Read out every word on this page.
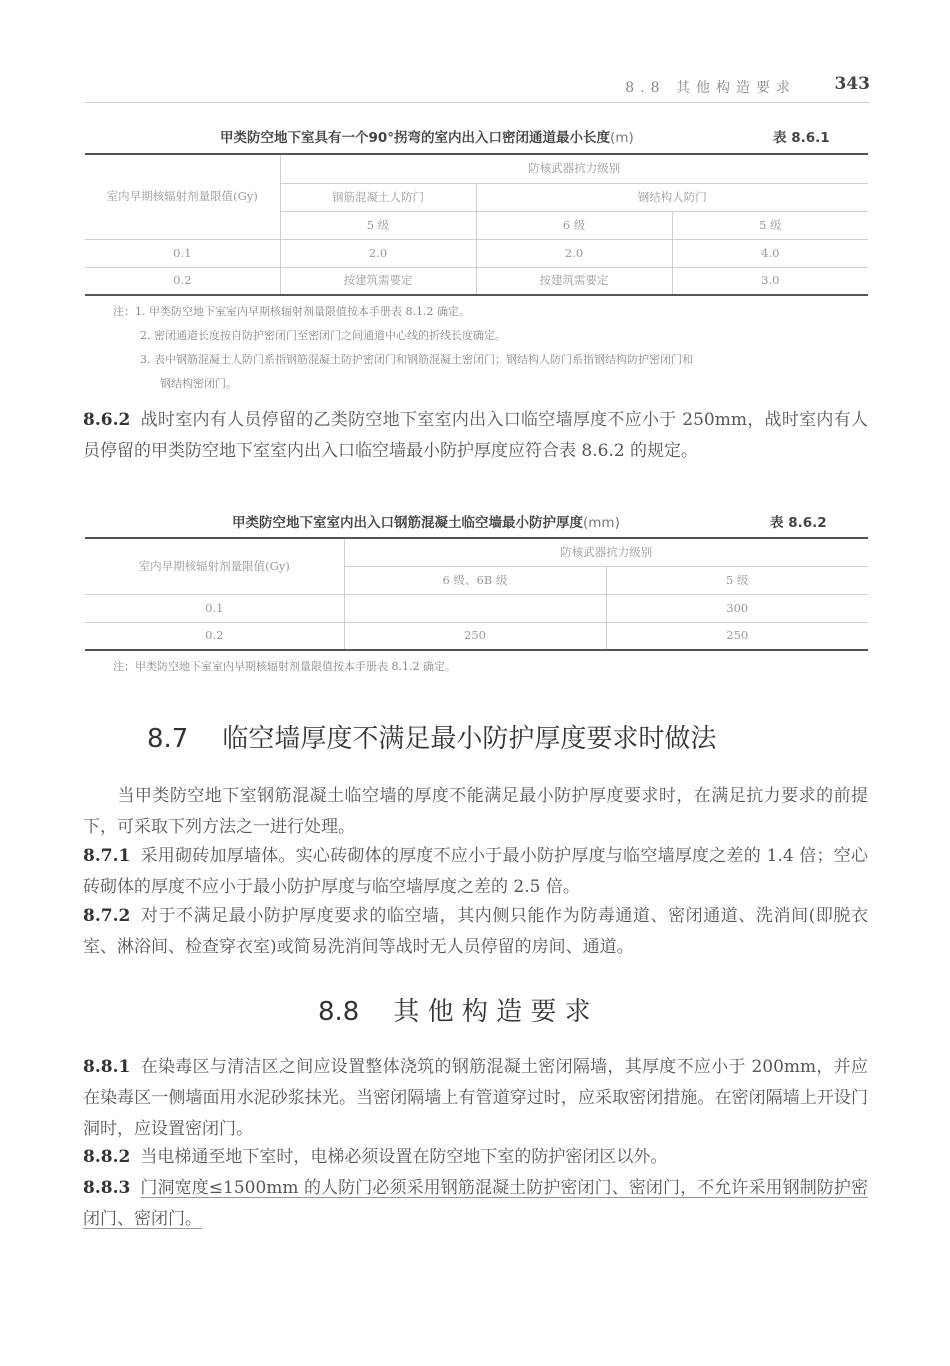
8.8 其他构造要求 343
甲类防空地下室具有一个90°拐弯的室内出入口密闭通道最小长度(m)	表 8.6.1
室内早期核辐射剂量限值(Gy)	防核武器抗力级别		
	钢筋混凝土人防门	钢结构人防门	
	5 级	6 级	5 级
0.1	2.0	2.0	4.0
0.2	按建筑需要定	按建筑需要定	3.0
注：1. 甲类防空地下室室内早期核辐射剂量限值按本手册表 8.1.2 确定。
2. 密闭通道长度按自防护密闭门至密闭门之间通道中心线的折线长度确定。
3. 表中钢筋混凝土人防门系指钢筋混凝土防护密闭门和钢筋混凝土密闭门；钢结构人防门系指钢结构防护密闭门和
钢结构密闭门。

8.6.2 战时室内有人员停留的乙类防空地下室室内出入口临空墙厚度不应小于 250mm，战时室内有人员停留的甲类防空地下室室内出入口临空墙最小防护厚度应符合表 8.6.2 的规定。

甲类防空地下室室内出入口钢筋混凝土临空墙最小防护厚度(mm)	表 8.6.2
室内早期核辐射剂量限值(Gy)	防核武器抗力级别	
	6 级、6B 级	5 级
0.1		300
0.2	250	250
注：甲类防空地下室室内早期核辐射剂量限值按本手册表 8.1.2 确定。
8.7 临空墙厚度不满足最小防护厚度要求时做法

当甲类防空地下室钢筋混凝土临空墙的厚度不能满足最小防护厚度要求时，在满足抗力要求的前提下，可采取下列方法之一进行处理。

8.7.1 采用砌砖加厚墙体。实心砖砌体的厚度不应小于最小防护厚度与临空墙厚度之差的 1.4 倍；空心砖砌体的厚度不应小于最小防护厚度与临空墙厚度之差的 2.5 倍。

8.7.2 对于不满足最小防护厚度要求的临空墙，其内侧只能作为防毒通道、密闭通道、洗消间(即脱衣室、淋浴间、检查穿衣室)或简易洗消间等战时无人员停留的房间、通道。

8.8 其 他 构 造 要 求

8.8.1 在染毒区与清洁区之间应设置整体浇筑的钢筋混凝土密闭隔墙，其厚度不应小于 200mm，并应在染毒区一侧墙面用水泥砂浆抹光。当密闭隔墙上有管道穿过时，应采取密闭措施。在密闭隔墙上开设门洞时，应设置密闭门。

8.8.2 当电梯通至地下室时，电梯必须设置在防空地下室的防护密闭区以外。

8.8.3 门洞宽度≤1500mm 的人防门必须采用钢筋混凝土防护密闭门、密闭门，不允许采用钢制防护密闭门、密闭门。
